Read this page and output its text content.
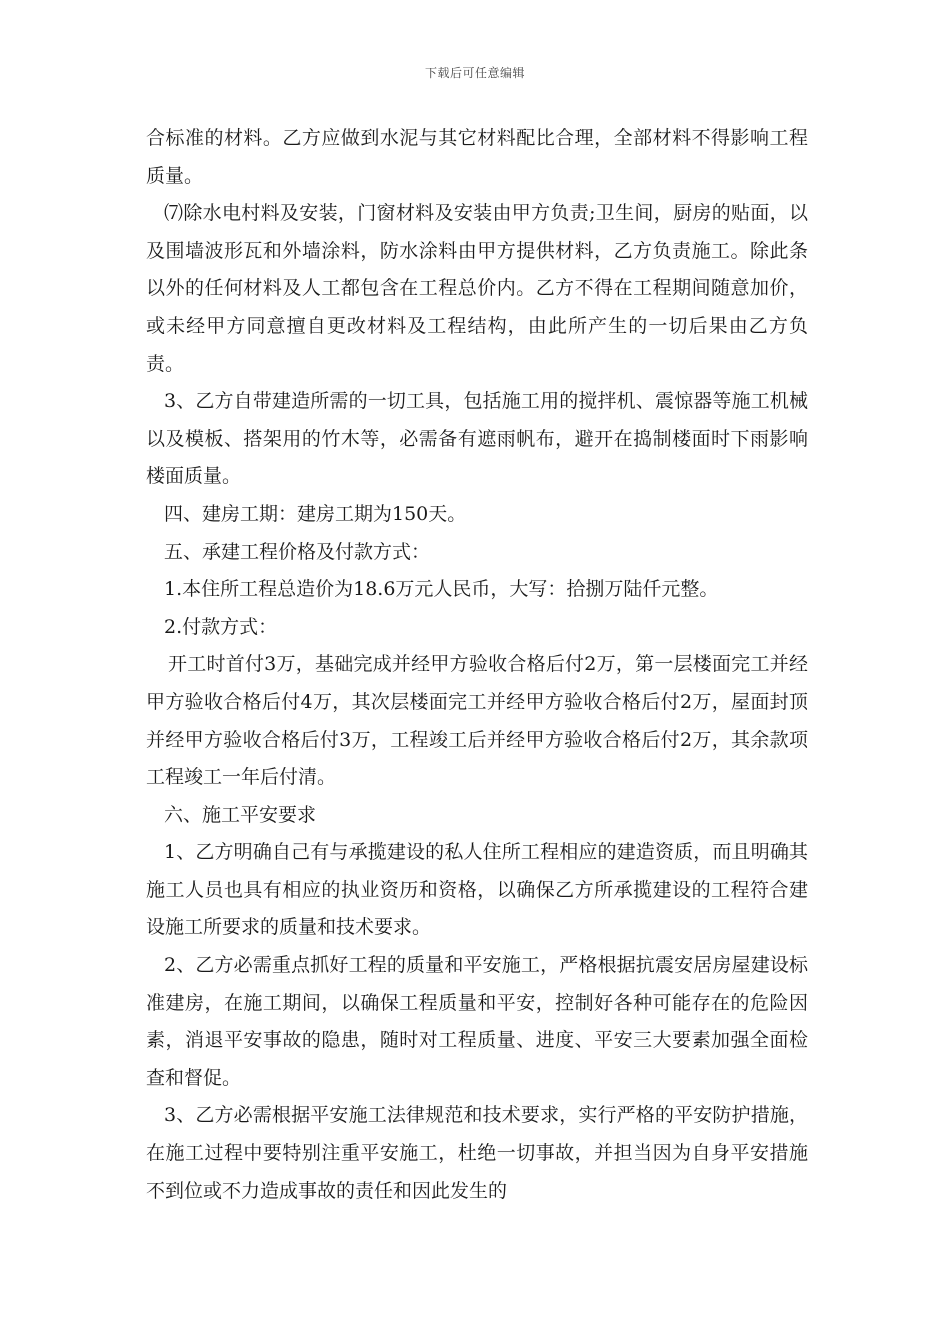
下载后可任意编辑

合标准的材料。乙方应做到水泥与其它材料配比合理，全部材料不得影响工程质量。

⑺除水电村料及安装，门窗材料及安装由甲方负责;卫生间，厨房的贴面，以及围墙波形瓦和外墙涂料，防水涂料由甲方提供材料，乙方负责施工。除此条以外的任何材料及人工都包含在工程总价内。乙方不得在工程期间随意加价，或未经甲方同意擅自更改材料及工程结构，由此所产生的一切后果由乙方负责。

3、乙方自带建造所需的一切工具，包括施工用的搅拌机、震惊器等施工机械以及模板、搭架用的竹木等，必需备有遮雨帆布，避开在捣制楼面时下雨影响楼面质量。

四、建房工期：建房工期为150天。

五、承建工程价格及付款方式：

1.本住所工程总造价为18.6万元人民币，大写：拾捌万陆仟元整。

2.付款方式：

开工时首付3万，基础完成并经甲方验收合格后付2万，第一层楼面完工并经甲方验收合格后付4万，其次层楼面完工并经甲方验收合格后付2万，屋面封顶并经甲方验收合格后付3万，工程竣工后并经甲方验收合格后付2万，其余款项工程竣工一年后付清。

六、施工平安要求

1、乙方明确自己有与承揽建设的私人住所工程相应的建造资质，而且明确其施工人员也具有相应的执业资历和资格，以确保乙方所承揽建设的工程符合建设施工所要求的质量和技术要求。

2、乙方必需重点抓好工程的质量和平安施工，严格根据抗震安居房屋建设标准建房，在施工期间，以确保工程质量和平安，控制好各种可能存在的危险因素，消退平安事故的隐患，随时对工程质量、进度、平安三大要素加强全面检查和督促。

3、乙方必需根据平安施工法律规范和技术要求，实行严格的平安防护措施，在施工过程中要特别注重平安施工，杜绝一切事故，并担当因为自身平安措施不到位或不力造成事故的责任和因此发生的
